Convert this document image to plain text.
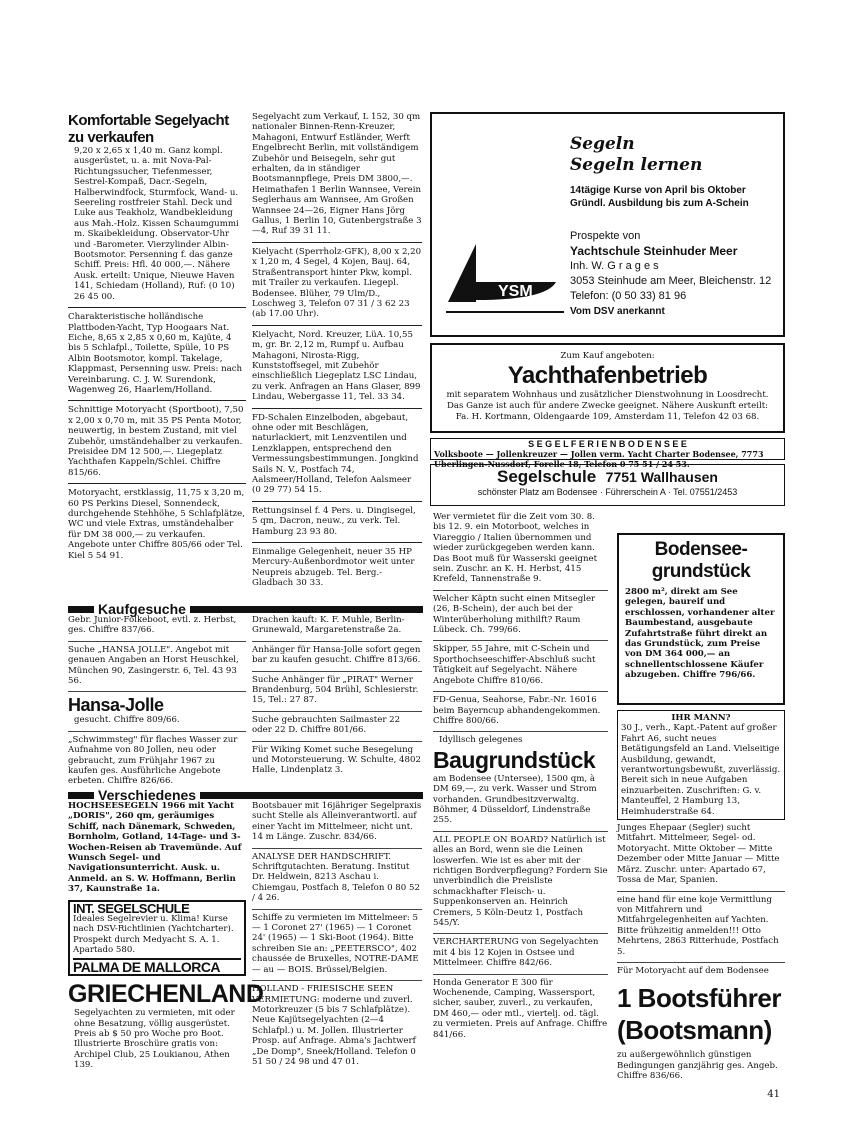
Komfortable Segelyacht zu verkaufen

9,20 x 2,65 x 1,40 m. Ganz kompl. ausgerüstet, u. a. mit Nova-Pal-Richtungssucher, Tiefenmesser, Sestrel-Kompaß, Dacr.-Segeln, Halberwindfock, Sturmfock, Wand- u. Seereling rostfreier Stahl. Deck und Luke aus Teakholz, Wandbekleidung aus Mah.-Holz. Kissen Schaumgummi m. Skaibekleidung. Observator-Uhr und -Barometer. Vierzylinder Albin-Bootsmotor. Persenning f. das ganze Schiff. Preis: Hfl. 40 000,—. Nähere Ausk. erteilt: Unique, Nieuwe Haven 141, Schiedam (Holland), Ruf: (0 10) 26 45 00.

Charakteristische holländische Plattboden-Yacht, Typ Hoogaars Nat. Eiche, 8,65 x 2,85 x 0,60 m, Kajüte, 4 bis 5 Schlafpl., Toilette, Spüle, 10 PS Albin Bootsmotor, kompl. Takelage, Klappmast, Persenning usw. Preis: nach Vereinbarung. C. J. W. Surendonk, Wagenweg 26, Haarlem/Holland.

Schnittige Motoryacht (Sportboot), 7,50 x 2,00 x 0,70 m, mit 35 PS Penta Motor, neuwertig, in bestem Zustand, mit viel Zubehör, umständehalber zu verkaufen. Preisidee DM 12 500,—. Liegeplatz Yachthafen Kappeln/Schlei. Chiffre 815/66.

Motoryacht, erstklassig, 11,75 x 3,20 m, 60 PS Perkins Diesel, Sonnendeck, durchgehende Stehhöhe, 5 Schlafplätze, WC und viele Extras, umständehalber für DM 38 000,— zu verkaufen. Angebote unter Chiffre 805/66 oder Tel. Kiel 5 54 91.

Kaufgesuche

Gebr. Junior-Folkeboot, evtl. z. Herbst, ges. Chiffre 837/66.

Suche „HANSA JOLLE". Angebot mit genauen Angaben an Horst Heuschkel, München 90, Zasingerstr. 6, Tel. 43 93 56.

Hansa-Jolle

gesucht. Chiffre 809/66.

„Schwimmsteg" für flaches Wasser zur Aufnahme von 80 Jollen, neu oder gebraucht, zum Frühjahr 1967 zu kaufen ges. Ausführliche Angebote erbeten. Chiffre 826/66.

Verschiedenes

HOCHSEESEGELN 1966 mit Yacht „DORIS", 260 qm, geräumiges Schiff, nach Dänemark, Schweden, Bornholm, Gotland, 14-Tage- und 3-Wochen-Reisen ab Travemünde. Auf Wunsch Segel- und Navigationsunterricht. Ausk. u. Anmeld. an S. W. Hoffmann, Berlin 37, Kaunstraße 1a.

INT. SEGELSCHULE

Ideales Segelrevier u. Klima! Kurse nach DSV-Richtlinien (Yachtcharter). Prospekt durch Medyacht S. A. 1. Apartado 580.

PALMA DE MALLORCA
GRIECHENLAND

Segelyachten zu vermieten, mit oder ohne Besatzung, völlig ausgerüstet. Preis ab $ 50 pro Woche pro Boot. Illustrierte Broschüre gratis von: Archipel Club, 25 Loukianou, Athen 139.

Segelyacht zum Verkauf, L 152, 30 qm nationaler Binnen-Renn-Kreuzer, Mahagoni, Entwurf Estländer, Werft Engelbrecht Berlin, mit vollständigem Zubehör und Beisegeln, sehr gut erhalten, da in ständiger Bootsmannpflege, Preis DM 3800,—. Heimathafen 1 Berlin Wannsee, Verein Seglerhaus am Wannsee, Am Großen Wannsee 24—26, Eigner Hans Jörg Gallus, 1 Berlin 10, Gutenbergstraße 3—4, Ruf 39 31 11.

Kielyacht (Sperrholz-GFK), 8,00 x 2,20 x 1,20 m, 4 Segel, 4 Kojen, Bauj. 64, Straßentransport hinter Pkw, kompl. mit Trailer zu verkaufen. Liegepl. Bodensee. Blüher, 79 Ulm/D., Loschweg 3, Telefon 07 31 / 3 62 23 (ab 17.00 Uhr).

Kielyacht, Nord. Kreuzer, LüA. 10,55 m, gr. Br. 2,12 m, Rumpf u. Aufbau Mahagoni, Nirosta-Rigg, Kunststoffsegel, mit Zubehör einschließlich Liegeplatz LSC Lindau, zu verk. Anfragen an Hans Glaser, 899 Lindau, Webergasse 11, Tel. 33 34.

FD-Schalen Einzelboden, abgebaut, ohne oder mit Beschlägen, naturlackiert, mit Lenzventilen und Lenzklappen, entsprechend den Vermessungsbestimmungen. Jongkind Sails N. V., Postfach 74, Aalsmeer/Holland, Telefon Aalsmeer (0 29 77) 54 15.

Rettungsinsel f. 4 Pers. u. Dingisegel, 5 qm, Dacron, neuw., zu verk. Tel. Hamburg 23 93 80.

Einmalige Gelegenheit, neuer 35 HP Mercury-Außenbordmotor weit unter Neupreis abzugeb. Tel. Berg.-Gladbach 30 33.

Drachen kauft: K. F. Muhle, Berlin-Grunewald, Margaretenstraße 2a.

Anhänger für Hansa-Jolle sofort gegen bar zu kaufen gesucht. Chiffre 813/66.

Suche Anhänger für „PIRAT" Werner Brandenburg, 504 Brühl, Schlesierstr. 15, Tel.: 27 87.

Suche gebrauchten Sailmaster 22 oder 22 D. Chiffre 801/66.

Für Wiking Komet suche Besegelung und Motorsteuerung. W. Schulte, 4802 Halle, Lindenplatz 3.

Bootsbauer mit 16jähriger Segelpraxis sucht Stelle als Alleinverantwortl. auf einer Yacht im Mittelmeer, nicht unt. 14 m Länge. Zuschr. 834/66.

ANALYSE DER HANDSCHRIFT. Schriftgutachten. Beratung. Institut Dr. Heldwein, 8213 Aschau i. Chiemgau, Postfach 8, Telefon 0 80 52 / 4 26.

Schiffe zu vermieten im Mittelmeer: 5 — 1 Coronet 27' (1965) — 1 Coronet 24' (1965) — 1 Ski-Boot (1964). Bitte schreiben Sie an: „PEETERSCO", 402 chaussée de Bruxelles, NOTRE-DAME — au — BOIS. Brüssel/Belgien.

HOLLAND - FRIESISCHE SEEN VERMIETUNG: moderne und zuverl. Motorkreuzer (5 bis 7 Schlafplätze). Neue Kajütsegelyachten (2—4 Schlafpl.) u. M. Jollen. Illustrierter Prosp. auf Anfrage. Abma's Jachtwerf „De Domp", Sneek/Holland. Telefon 0 51 50 / 24 98 und 47 01.

Segeln
Segeln lernen
14tägige Kurse von April bis Oktober Gründl. Ausbildung bis zum A-Schein
Prospekte von
Yachtschule Steinhuder Meer
Inh. W. G r a g e s
3053 Steinhude am Meer, Bleichenstr. 12
Telefon: (0 50 33) 81 96
Vom DSV anerkannt
YSM
Zum Kauf angeboten:
Yachthafenbetrieb
mit separatem Wohnhaus und zusätzlicher Dienstwohnung in Loosdrecht. Das Ganze ist auch für andere Zwecke geeignet. Nähere Auskunft erteilt: Fa. H. Kortmann, Oldengaarde 109, Amsterdam 11, Telefon 42 03 68.
S E G E L F E R I E N B O D E N S E E

Volksboote — Jollenkreuzer — Jollen verm. Yacht Charter Bodensee, 7773 Überlingen-Nussdorf, Forelle 18, Telefon 0 75 51 / 24 53.

Segelschule 7751 Wallhausen
schönster Platz am Bodensee · Führerschein A · Tel. 07551/2453

Wer vermietet für die Zeit vom 30. 8. bis 12. 9. ein Motorboot, welches in Viareggio / Italien übernommen und wieder zurückgegeben werden kann. Das Boot muß für Wasserski geeignet sein. Zuschr. an K. H. Herbst, 415 Krefeld, Tannenstraße 9.

Welcher Käptn sucht einen Mitsegler (26, B-Schein), der auch bei der Winterüberholung mithilft? Raum Lübeck. Ch. 799/66.

Skipper, 55 Jahre, mit C-Schein und Sporthochseeschiffer-Abschluß sucht Tätigkeit auf Segelyacht. Nähere Angebote Chiffre 810/66.

FD-Genua, Seahorse, Fabr.-Nr. 16016 beim Bayerncup abhandengekommen. Chiffre 800/66.

Idyllisch gelegenes

Baugrundstück

am Bodensee (Untersee), 1500 qm, à DM 69,—, zu verk. Wasser und Strom vorhanden. Grundbesitzverwaltg. Böhmer, 4 Düsseldorf, Lindenstraße 255.

ALL PEOPLE ON BOARD? Natürlich ist alles an Bord, wenn sie die Leinen loswerfen. Wie ist es aber mit der richtigen Bordverpflegung? Fordern Sie unverbindlich die Preisliste schmackhafter Fleisch- u. Suppenkonserven an. Heinrich Cremers, 5 Köln-Deutz 1, Postfach 545/Y.

VERCHARTERUNG von Segelyachten mit 4 bis 12 Kojen in Ostsee und Mittelmeer. Chiffre 842/66.

Honda Generator E 300 für Wochenende, Camping, Wassersport, sicher, sauber, zuverl., zu verkaufen, DM 460,— oder mtl., viertelj. od. tägl. zu vermieten. Preis auf Anfrage. Chiffre 841/66.

Bodensee-grundstück

2800 m², direkt am See gelegen, baureif und erschlossen, vorhandener alter Baumbestand, ausgebaute Zufahrtstraße führt direkt an das Grundstück, zum Preise von DM 364 000,— an schnellentschlossene Käufer abzugeben. Chiffre 796/66.

IHR MANN?

30 J., verh., Kapt.-Patent auf großer Fahrt A6, sucht neues Betätigungsfeld an Land. Vielseitige Ausbildung, gewandt, verantwortungsbewußt, zuverlässig. Bereit sich in neue Aufgaben einzuarbeiten. Zuschriften: G. v. Manteuffel, 2 Hamburg 13, Heimhuderstraße 64.

Junges Ehepaar (Segler) sucht Mitfahrt. Mittelmeer, Segel- od. Motoryacht. Mitte Oktober — Mitte Dezember oder Mitte Januar — Mitte März. Zuschr. unter: Apartado 67, Tossa de Mar, Spanien.

eine hand für eine koje Vermittlung von Mitfahrern und Mitfahrgelegenheiten auf Yachten. Bitte frühzeitig anmelden!!! Otto Mehrtens, 2863 Ritterhude, Postfach 5.

Für Motoryacht auf dem Bodensee

1 Bootsführer (Bootsmann)

zu außergewöhnlich günstigen Bedingungen ganzjährig ges. Angeb. Chiffre 836/66.

41
